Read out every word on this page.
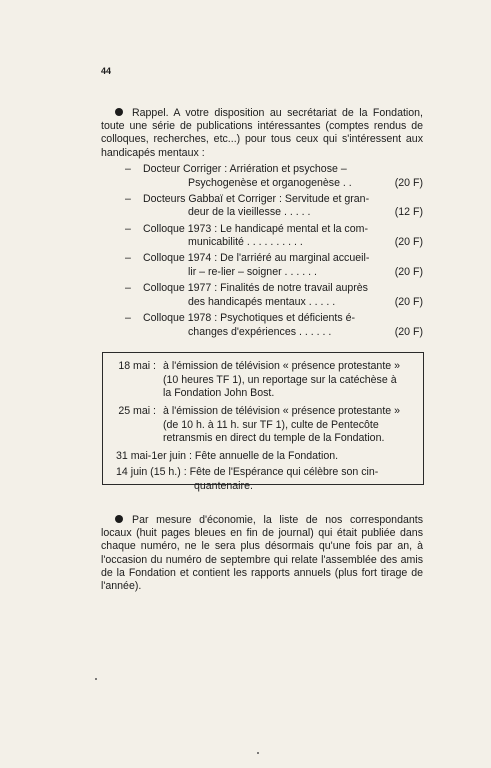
44
Rappel. A votre disposition au secrétariat de la Fondation, toute une série de publications intéressantes (comptes rendus de colloques, recherches, etc...) pour tous ceux qui s'intéressent aux handicapés mentaux :
–	Docteur Corriger : Arriération et psychose –
Psychogenèse et organogenèse . .	(20 F)
–	Docteurs Gabbaï et Corriger : Servitude et gran-
deur de la vieillesse . . . . .	(12 F)
–	Colloque 1973 : Le handicapé mental et la com-
municabilité . . . . . . . . . .	(20 F)
–	Colloque 1974 : De l'arriéré au marginal accueil-
lir – re-lier – soigner . . . . . .	(20 F)
–	Colloque 1977 : Finalités de notre travail auprès
des handicapés mentaux . . . . .	(20 F)
–	Colloque 1978 : Psychotiques et déficients é-
changes d'expériences . . . . . .	(20 F)
18 mai : à l'émission de télévision « présence protestante »
(10 heures TF 1), un reportage sur la catéchèse à
la Fondation John Bost.
25 mai : à l'émission de télévision « présence protestante »
(de 10 h. à 11 h. sur TF 1), culte de Pentecôte
retransmis en direct du temple de la Fondation.
31 mai-1er juin : Fête annuelle de la Fondation.
14 juin (15 h.) : Fête de l'Espérance qui célèbre son cin-
quantenaire.
Par mesure d'économie, la liste de nos correspondants locaux (huit pages bleues en fin de journal) qui était publiée dans chaque numéro, ne le sera plus désormais qu'une fois par an, à l'occasion du numéro de septembre qui relate l'assemblée des amis de la Fondation et contient les rapports annuels (plus fort tirage de l'année).
